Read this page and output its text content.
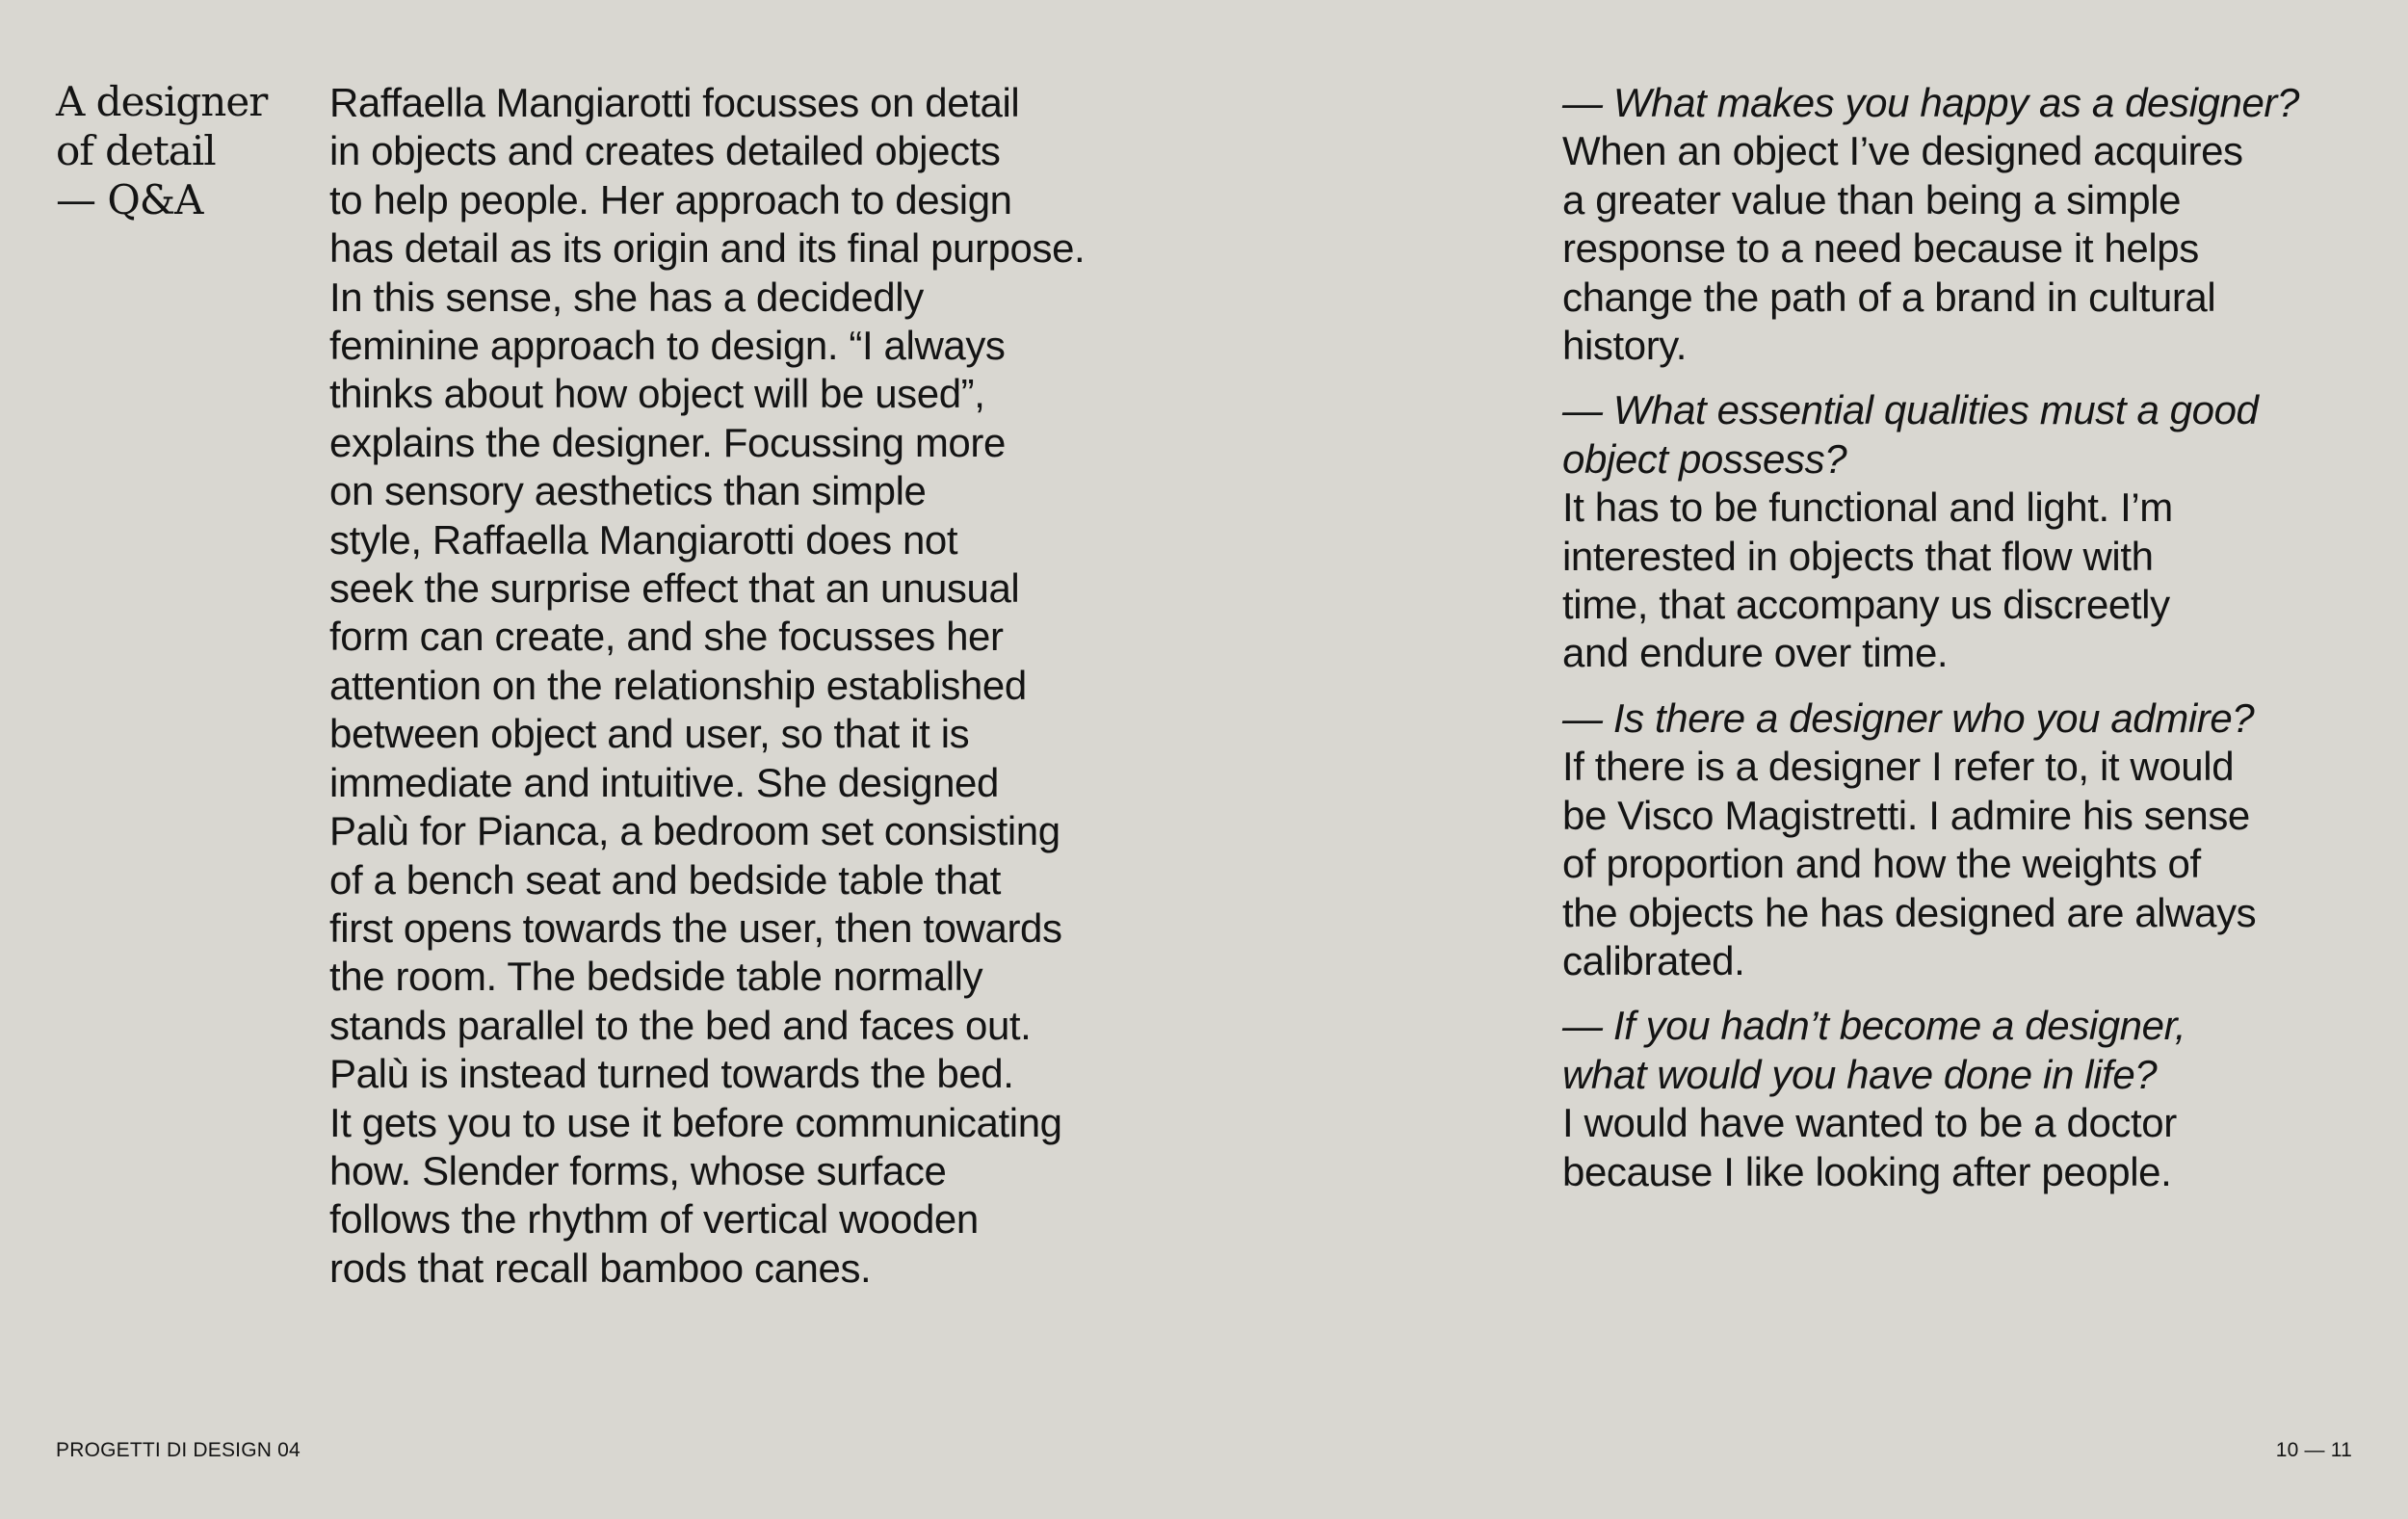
A designer
of detail
— Q&A

Raffaella Mangiarotti focusses on detail
in objects and creates detailed objects
to help people. Her approach to design
has detail as its origin and its final purpose.
In this sense, she has a decidedly
feminine approach to design. “I always
thinks about how object will be used”,
explains the designer. Focussing more
on sensory aesthetics than simple
style, Raffaella Mangiarotti does not
seek the surprise effect that an unusual
form can create, and she focusses her
attention on the relationship established
between object and user, so that it is
immediate and intuitive. She designed
Palù for Pianca, a bedroom set consisting
of a bench seat and bedside table that
first opens towards the user, then towards
the room. The bedside table normally
stands parallel to the bed and faces out.
Palù is instead turned towards the bed.
It gets you to use it before communicating
how. Slender forms, whose surface
follows the rhythm of vertical wooden
rods that recall bamboo canes.

— What makes you happy as a designer?
When an object I’ve designed acquires
a greater value than being a simple
response to a need because it helps
change the path of a brand in cultural
history.
— What essential qualities must a good
object possess?
It has to be functional and light. I’m
interested in objects that flow with
time, that accompany us discreetly
and endure over time.
— Is there a designer who you admire?
If there is a designer I refer to, it would
be Visco Magistretti. I admire his sense
of proportion and how the weights of
the objects he has designed are always
calibrated.
— If you hadn’t become a designer,
what would you have done in life?
I would have wanted to be a doctor
because I like looking after people.
PROGETTI DI DESIGN 04	10 — 11
